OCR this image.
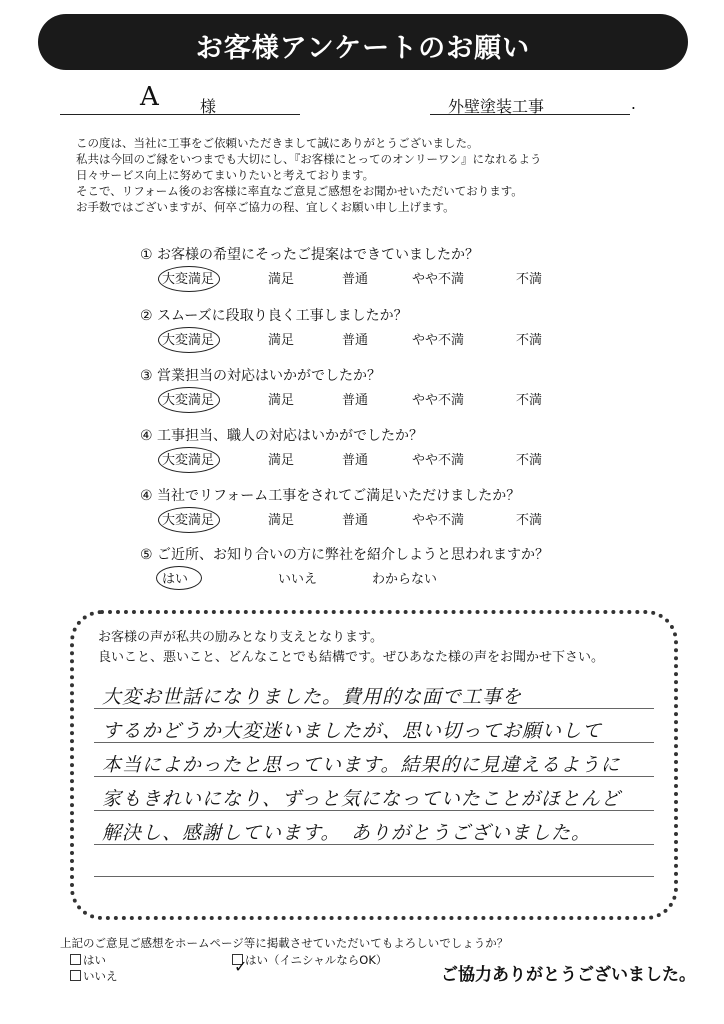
お客様アンケートのお願い
A	様	外壁塗装工事	.
この度は、当社に工事をご依頼いただきまして誠にありがとうございました。
私共は今回のご縁をいつまでも大切にし、『お客様にとってのオンリーワン』になれるよう
日々サービス向上に努めてまいりたいと考えております。
そこで、リフォーム後のお客様に率直なご意見ご感想をお聞かせいただいております。
お手数ではございますが、何卒ご協力の程、宜しくお願い申し上げます。
① お客様の希望にそったご提案はできていましたか？
大変満足	満足	普通	やや不満	不満
② スムーズに段取り良く工事しましたか？
大変満足	満足	普通	やや不満	不満
③ 営業担当の対応はいかがでしたか？
大変満足	満足	普通	やや不満	不満
④ 工事担当、職人の対応はいかがでしたか？
大変満足	満足	普通	やや不満	不満
④ 当社でリフォーム工事をされてご満足いただけましたか？
大変満足	満足	普通	やや不満	不満
⑤ ご近所、お知り合いの方に弊社を紹介しようと思われますか？
はい	いいえ	わからない
お客様の声が私共の励みとなり支えとなります。
良いこと、悪いこと、どんなことでも結構です。ぜひあなた様の声をお聞かせ下さい。
大変お世話になりました。費用的な面で工事を
するかどうか大変迷いましたが、思い切ってお願いして
本当によかったと思っています。結果的に見違えるように
家もきれいになり、ずっと気になっていたことがほとんど
解決し、感謝しています。　ありがとうございました。
上記のご意見ご感想をホームページ等に掲載させていただいてもよろしいでしょうか？
はい
いいえ
はい（イニシャルならOK）
✓	ご協力ありがとうございました。
